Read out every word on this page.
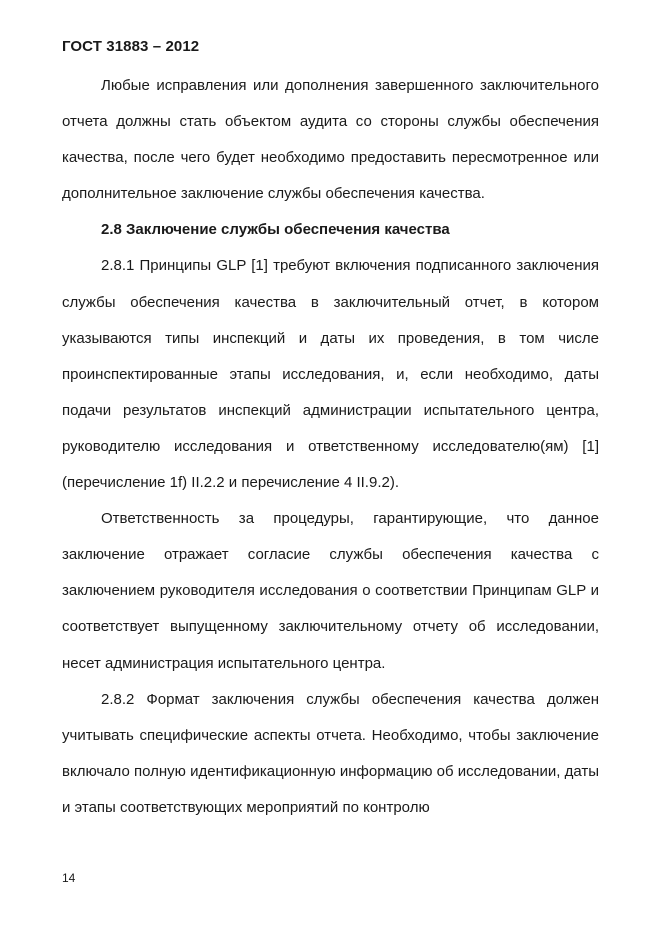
ГОСТ 31883 – 2012

Любые исправления или дополнения завершенного заключительного отчета должны стать объектом аудита со стороны службы обеспечения качества, после чего будет необходимо предоставить пересмотренное или дополнительное заключение службы обеспечения качества.

2.8 Заключение службы обеспечения качества

2.8.1 Принципы GLP [1] требуют включения подписанного заключения службы обеспечения качества в заключительный отчет, в котором указываются типы инспекций и даты их проведения, в том числе проинспектированные этапы исследования, и, если необходимо, даты подачи результатов инспекций администрации испытательного центра, руководителю исследования и ответственному исследователю(ям) [1] (перечисление 1f) II.2.2 и перечисление 4 II.9.2).

Ответственность за процедуры, гарантирующие, что данное заключение отражает согласие службы обеспечения качества с заключением руководителя исследования о соответствии Принципам GLP и соответствует выпущенному заключительному отчету об исследовании, несет администрация испытательного центра.

2.8.2 Формат заключения службы обеспечения качества должен учитывать специфические аспекты отчета. Необходимо, чтобы заключение включало полную идентификационную информацию об исследовании, даты и этапы соответствующих мероприятий по контролю

14
